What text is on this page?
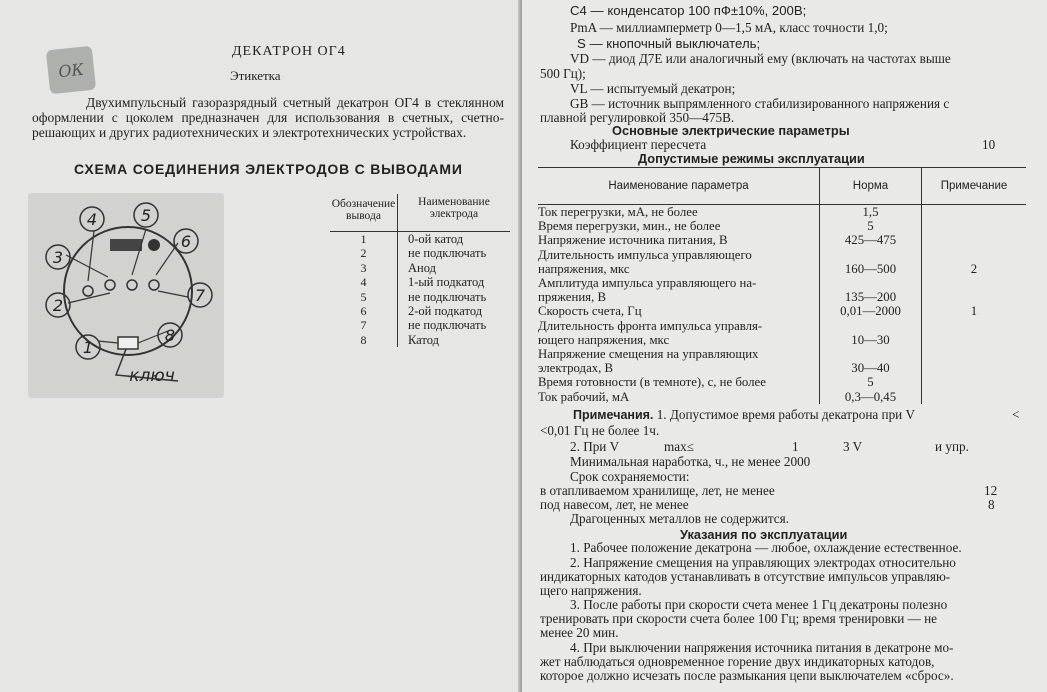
ОК
ДЕКАТРОН ОГ4
Этикетка
Двухимпульсный газоразрядный счетный декатрон ОГ4 в стеклянном оформлении с цоколем предназначен для использования в счетных, счетно-решающих и других радиотехнических и электротехнических устройствах.
СХЕМА СОЕДИНЕНИЯ ЭЛЕКТРОДОВ С ВЫВОДАМИ
4	5
6
3
2
7
1
8
ключ
Обозначение вывода
Наименование электрода
1	0-ой катод
2	не подключать
3	Анод
4	1-ый подкатод
5	не подключать
6	2-ой подкатод
7	не подключать
8	Катод
С4 — конденсатор 100 пФ±10%, 200В;
PmA — миллиамперметр 0—1,5 мА, класс точности 1,0;
S — кнопочный выключатель;
VD — диод Д7Е или аналогичный ему (включать на частотах выше
500 Гц);
VL — испытуемый декатрон;
GB — источник выпрямленного стабилизированного напряжения с
плавной регулировкой 350—475В.
Основные электрические параметры
Коэффициент пересчета	10
Допустимые режимы эксплуатации
Наименование параметра	Норма	Примечание
Ток перегрузки, мА, не более	1,5
Время перегрузки, мин., не более	5
Напряжение источника питания, В	425—475
Длительность импульса управляющего
напряжения, мкс	160—500	2
Амплитуда импульса управляющего на-
пряжения, В	135—200
Скорость счета, Гц	0,01—2000	1
Длительность фронта импульса управля-
ющего напряжения, мкс	10—30
Напряжение смещения на управляющих
электродах, В	30—40
Время готовности (в темноте), с, не более	5
Ток рабочий, мА	0,3—0,45
Примечания. 1. Допустимое время работы декатрона при V	<
<0,01 Гц не более 1ч.
2. При V	max≤	1	3 V	и упр.
Минимальная наработка, ч., не менее 2000
Срок сохраняемости:
в отапливаемом хранилище, лет, не менее	12
под навесом, лет, не менее	8
Драгоценных металлов не содержится.
Указания по эксплуатации
1. Рабочее положение декатрона — любое, охлаждение естественное.
2. Напряжение смещения на управляющих электродах относительно
индикаторных катодов устанавливать в отсутствие импульсов управляю-
щего напряжения.
3. После работы при скорости счета менее 1 Гц декатроны полезно
тренировать при скорости счета более 100 Гц; время тренировки — не
менее 20 мин.
4. При выключении напряжения источника питания в декатроне мо-
жет наблюдаться одновременное горение двух индикаторных катодов,
которое должно исчезать после размыкания цепи выключателем «сброс».
